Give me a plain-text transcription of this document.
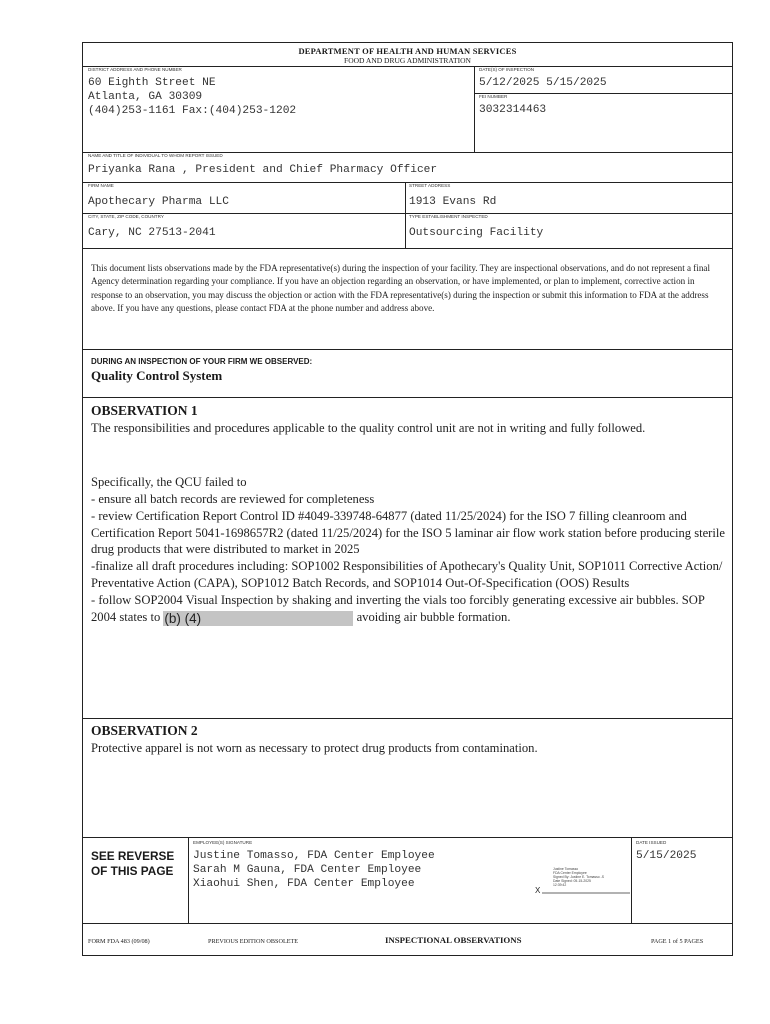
DEPARTMENT OF HEALTH AND HUMAN SERVICES
FOOD AND DRUG ADMINISTRATION
DISTRICT ADDRESS AND PHONE NUMBER
60 Eighth Street NE
Atlanta, GA 30309
(404)253-1161 Fax:(404)253-1202
DATE(S) OF INSPECTION
5/12/2025 5/15/2025
FEI NUMBER
3032314463
NAME AND TITLE OF INDIVIDUAL TO WHOM REPORT ISSUED
Priyanka Rana , President and Chief Pharmacy Officer
FIRM NAME
Apothecary Pharma LLC
STREET ADDRESS
1913 Evans Rd
CITY, STATE, ZIP CODE, COUNTRY
Cary, NC 27513-2041
TYPE ESTABLISHMENT INSPECTED
Outsourcing Facility
This document lists observations made by the FDA representative(s) during the inspection of your facility. They are inspectional observations, and do not represent a final Agency determination regarding your compliance. If you have an objection regarding an observation, or have implemented, or plan to implement, corrective action in response to an observation, you may discuss the objection or action with the FDA representative(s) during the inspection or submit this information to FDA at the address above. If you have any questions, please contact FDA at the phone number and address above.
DURING AN INSPECTION OF YOUR FIRM WE OBSERVED:
Quality Control System
OBSERVATION 1
The responsibilities and procedures applicable to the quality control unit are not in writing and fully followed.
Specifically, the QCU failed to
- ensure all batch records are reviewed for completeness
- review Certification Report Control ID #4049-339748-64877 (dated 11/25/2024) for the ISO 7 filling cleanroom and Certification Report 5041-1698657R2 (dated 11/25/2024) for the ISO 5 laminar air flow work station before producing sterile drug products that were distributed to market in 2025
-finalize all draft procedures including: SOP1002 Responsibilities of Apothecary's Quality Unit, SOP1011 Corrective Action/ Preventative Action (CAPA), SOP1012 Batch Records, and SOP1014 Out-Of-Specification (OOS) Results
- follow SOP2004 Visual Inspection by shaking and inverting the vials too forcibly generating excessive air bubbles. SOP 2004 states to (b) (4)	avoiding air bubble formation.
OBSERVATION 2
Protective apparel is not worn as necessary to protect drug products from contamination.
SEE REVERSE
OF THIS PAGE
EMPLOYEE(S) SIGNATURE
Justine Tomasso, FDA Center Employee
Sarah M Gauna, FDA Center Employee
Xiaohui Shen, FDA Center Employee
Justine Tomasso
FDA Center Employee
Signed By: Justine E. Tomasso -S
Date Signed: 05-15-2025
12:39:42
X
DATE ISSUED
5/15/2025
FORM FDA 483 (09/08)	PREVIOUS EDITION OBSOLETE	INSPECTIONAL OBSERVATIONS	PAGE 1 of 5 PAGES
